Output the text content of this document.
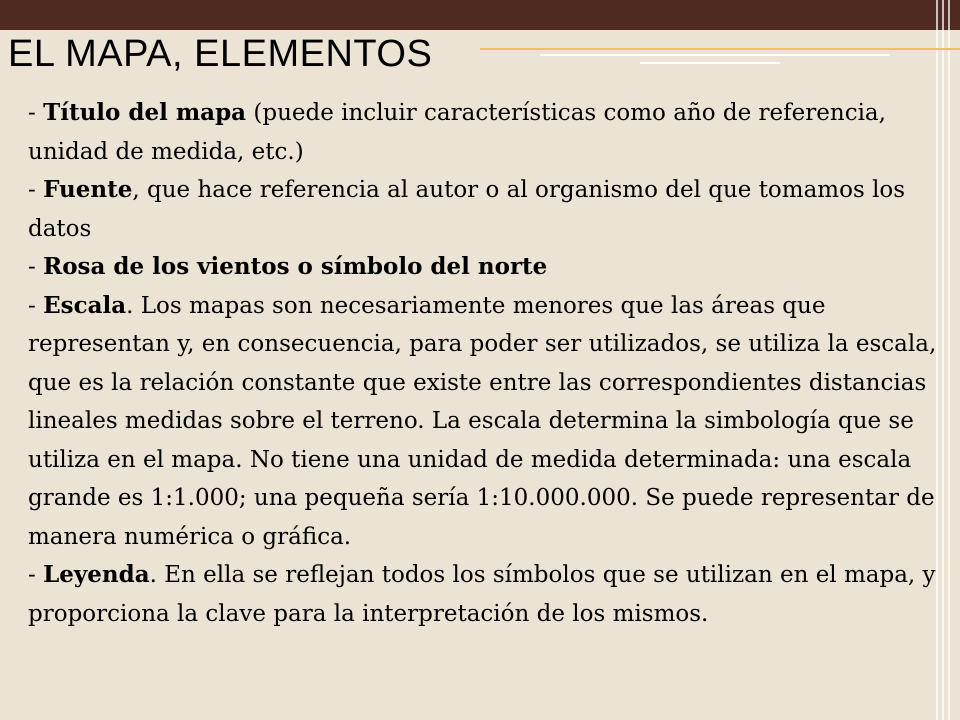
EL MAPA, ELEMENTOS

- Título del mapa (puede incluir características como año de referencia, unidad de medida, etc.)

- Fuente, que hace referencia al autor o al organismo del que tomamos los datos

- Rosa de los vientos o símbolo del norte

- Escala. Los mapas son necesariamente menores que las áreas que representan y, en consecuencia, para poder ser utilizados, se utiliza la escala, que es la relación constante que existe entre las correspondientes distancias lineales medidas sobre el terreno. La escala determina la simbología que se utiliza en el mapa. No tiene una unidad de medida determinada: una escala grande es 1:1.000; una pequeña sería 1:10.000.000. Se puede representar de manera numérica o gráfica.

- Leyenda. En ella se reflejan todos los símbolos que se utilizan en el mapa, y proporciona la clave para la interpretación de los mismos.
